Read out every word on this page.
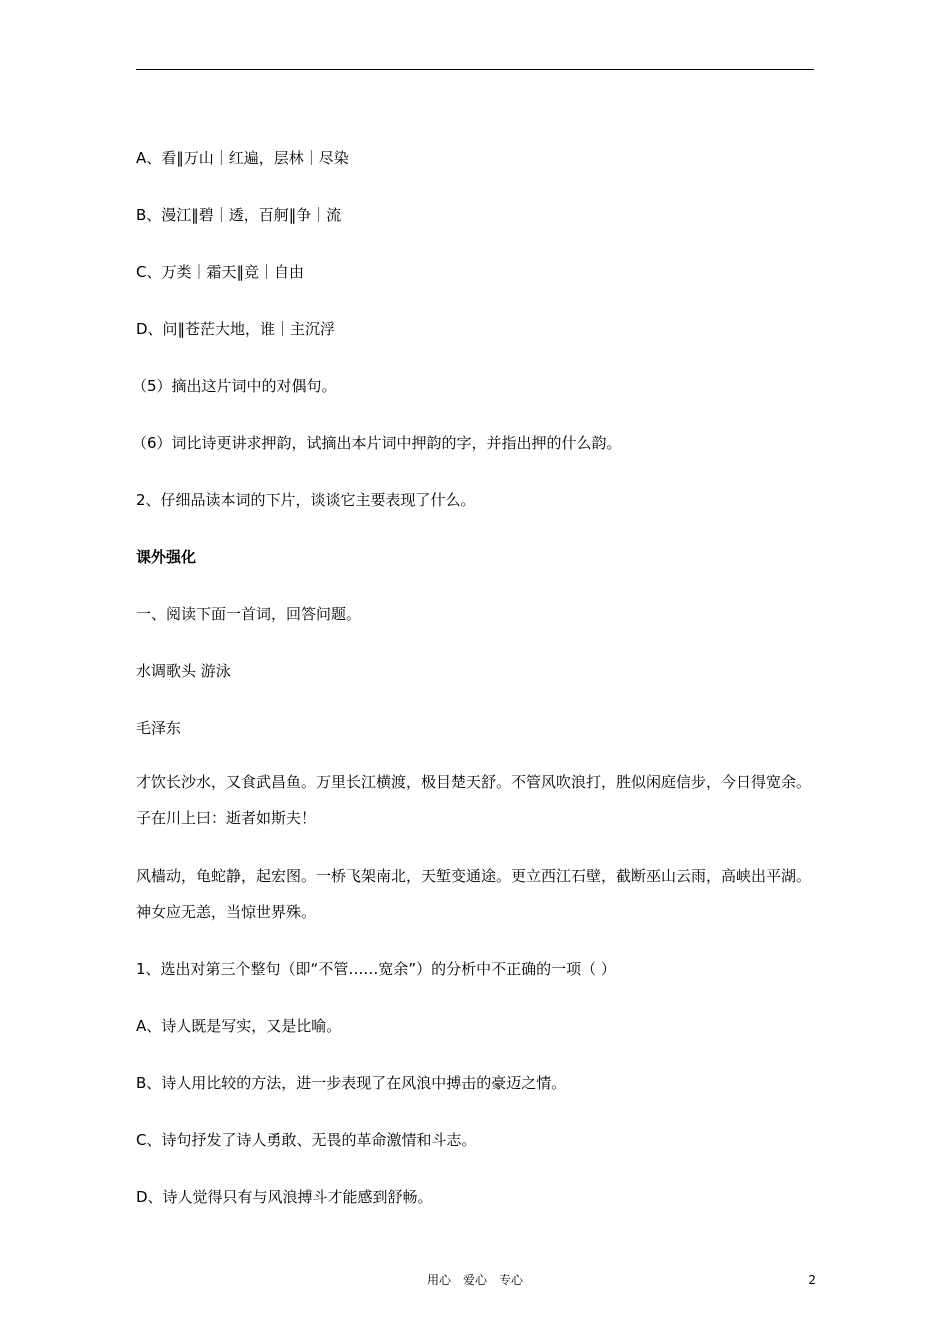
A、看‖万山｜红遍，层林｜尽染
B、漫江‖碧｜透，百舸‖争｜流
C、万类｜霜天‖竞｜自由
D、问‖苍茫大地，谁｜主沉浮
（5）摘出这片词中的对偶句。
（6）词比诗更讲求押韵，试摘出本片词中押韵的字，并指出押的什么韵。
2、仔细品读本词的下片，谈谈它主要表现了什么。
课外强化
一、阅读下面一首词，回答问题。
水调歌头 游泳
毛泽东
才饮长沙水，又食武昌鱼。万里长江横渡，极目楚天舒。不管风吹浪打，胜似闲庭信步，今日得宽余。子在川上曰：逝者如斯夫！
风樯动，龟蛇静，起宏图。一桥飞架南北，天堑变通途。更立西江石壁，截断巫山云雨，高峡出平湖。神女应无恙，当惊世界殊。
1、选出对第三个整句（即“不管……宽余”）的分析中不正确的一项（ ）
A、诗人既是写实，又是比喻。
B、诗人用比较的方法，进一步表现了在风浪中搏击的豪迈之情。
C、诗句抒发了诗人勇敢、无畏的革命激情和斗志。
D、诗人觉得只有与风浪搏斗才能感到舒畅。
用心　爱心　专心	2
